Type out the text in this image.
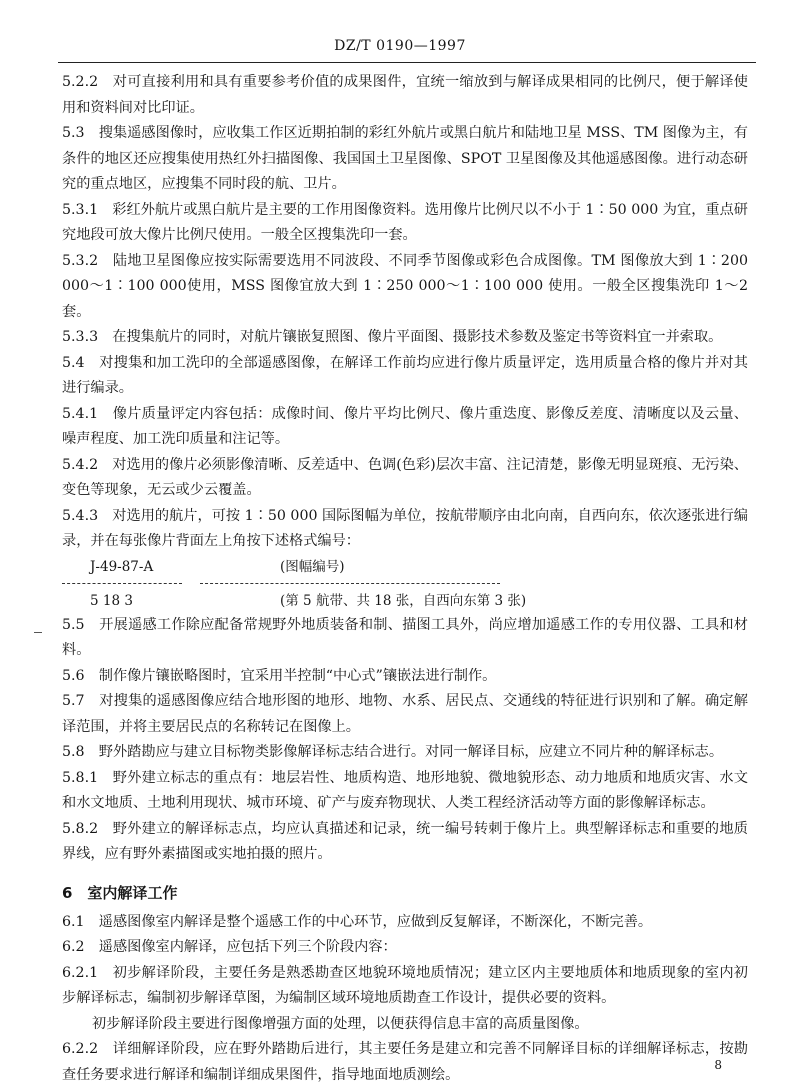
DZ/T 0190—1997

5.2.2　对可直接利用和具有重要参考价值的成果图件，宜统一缩放到与解译成果相同的比例尺，便于解译使用和资料间对比印证。

5.3　搜集遥感图像时，应收集工作区近期拍制的彩红外航片或黑白航片和陆地卫星 MSS、TM 图像为主，有条件的地区还应搜集使用热红外扫描图像、我国国土卫星图像、SPOT 卫星图像及其他遥感图像。进行动态研究的重点地区，应搜集不同时段的航、卫片。

5.3.1　彩红外航片或黑白航片是主要的工作用图像资料。选用像片比例尺以不小于 1∶50 000 为宜，重点研究地段可放大像片比例尺使用。一般全区搜集洗印一套。

5.3.2　陆地卫星图像应按实际需要选用不同波段、不同季节图像或彩色合成图像。TM 图像放大到 1∶200 000～1∶100 000使用，MSS 图像宜放大到 1∶250 000～1∶100 000 使用。一般全区搜集洗印 1～2套。

5.3.3　在搜集航片的同时，对航片镶嵌复照图、像片平面图、摄影技术参数及鉴定书等资料宜一并索取。

5.4　对搜集和加工洗印的全部遥感图像，在解译工作前均应进行像片质量评定，选用质量合格的像片并对其进行编录。

5.4.1　像片质量评定内容包括：成像时间、像片平均比例尺、像片重迭度、影像反差度、清晰度以及云量、噪声程度、加工洗印质量和注记等。

5.4.2　对选用的像片必须影像清晰、反差适中、色调(色彩)层次丰富、注记清楚，影像无明显斑痕、无污染、变色等现象，无云或少云覆盖。

5.4.3　对选用的航片，可按 1∶50 000 国际图幅为单位，按航带顺序由北向南，自西向东，依次逐张进行编录，并在每张像片背面左上角按下述格式编号：

J-49-87-A	(图幅编号)
5 18 3	(第 5 航带、共 18 张，自西向东第 3 张)

5.5　开展遥感工作除应配备常规野外地质装备和制、描图工具外，尚应增加遥感工作的专用仪器、工具和材料。

5.6　制作像片镶嵌略图时，宜采用半控制“中心式”镶嵌法进行制作。

5.7　对搜集的遥感图像应结合地形图的地形、地物、水系、居民点、交通线的特征进行识别和了解。确定解译范围，并将主要居民点的名称转记在图像上。

5.8　野外踏勘应与建立目标物类影像解译标志结合进行。对同一解译目标，应建立不同片种的解译标志。

5.8.1　野外建立标志的重点有：地层岩性、地质构造、地形地貌、微地貌形态、动力地质和地质灾害、水文和水文地质、土地利用现状、城市环境、矿产与废弃物现状、人类工程经济活动等方面的影像解译标志。

5.8.2　野外建立的解译标志点，均应认真描述和记录，统一编号转刺于像片上。典型解译标志和重要的地质界线，应有野外素描图或实地拍摄的照片。

6　室内解译工作

6.1　遥感图像室内解译是整个遥感工作的中心环节，应做到反复解译，不断深化，不断完善。

6.2　遥感图像室内解译，应包括下列三个阶段内容：

6.2.1　初步解译阶段，主要任务是熟悉勘查区地貌环境地质情况；建立区内主要地质体和地质现象的室内初步解译标志，编制初步解译草图，为编制区域环境地质勘查工作设计，提供必要的资料。

初步解译阶段主要进行图像增强方面的处理，以便获得信息丰富的高质量图像。

6.2.2　详细解译阶段，应在野外踏勘后进行，其主要任务是建立和完善不同解译目标的详细解译标志，按勘查任务要求进行解译和编制详细成果图件，指导地面地质测绘。

8
